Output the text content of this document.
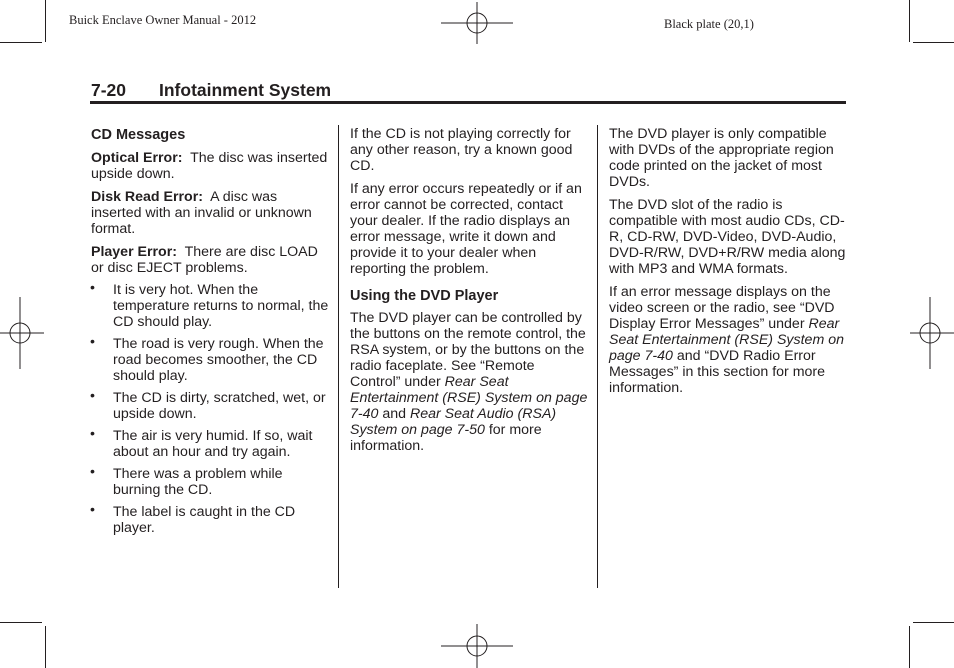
Buick Enclave Owner Manual - 2012	Black plate (20,1)
7-20 Infotainment System
CD Messages

Optical Error: The disc was inserted upside down.

Disk Read Error: A disc was inserted with an invalid or unknown format.

Player Error: There are disc LOAD or disc EJECT problems.

• It is very hot. When the temperature returns to normal, the CD should play.
• The road is very rough. When the road becomes smoother, the CD should play.
• The CD is dirty, scratched, wet, or upside down.
• The air is very humid. If so, wait about an hour and try again.
• There was a problem while burning the CD.
• The label is caught in the CD player.

If the CD is not playing correctly for any other reason, try a known good CD.

If any error occurs repeatedly or if an error cannot be corrected, contact your dealer. If the radio displays an error message, write it down and provide it to your dealer when reporting the problem.

Using the DVD Player

The DVD player can be controlled by the buttons on the remote control, the RSA system, or by the buttons on the radio faceplate. See “Remote Control” under Rear Seat Entertainment (RSE) System on page 7-40 and Rear Seat Audio (RSA) System on page 7-50 for more information.

The DVD player is only compatible with DVDs of the appropriate region code printed on the jacket of most DVDs.

The DVD slot of the radio is compatible with most audio CDs, CD-R, CD-RW, DVD-Video, DVD-Audio, DVD-R/RW, DVD+R/RW media along with MP3 and WMA formats.

If an error message displays on the video screen or the radio, see “DVD Display Error Messages” under Rear Seat Entertainment (RSE) System on page 7-40 and “DVD Radio Error Messages” in this section for more information.
